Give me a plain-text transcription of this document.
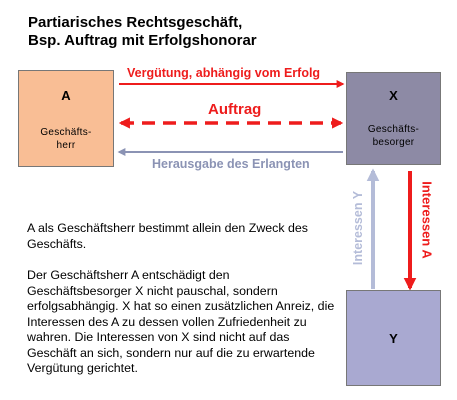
Partiarisches Rechtsgeschäft,
Bsp. Auftrag mit Erfolgshonorar
A
Geschäfts-
herr
X
Geschäfts-
besorger
Y
Vergütung, abhängig vom Erfolg
Auftrag
Herausgabe des Erlangten
Interessen Y	Interessen A

A als Geschäftsherr bestimmt allein den Zweck des Geschäfts.

Der Geschäftsherr A entschädigt den Geschäftsbesorger X nicht pauschal, sondern erfolgsabhängig. X hat so einen zusätzlichen Anreiz, die Interessen des A zu dessen vollen Zufriedenheit zu wahren. Die Interessen von X sind nicht auf das Geschäft an sich, sondern nur auf die zu erwartende Vergütung gerichtet.
